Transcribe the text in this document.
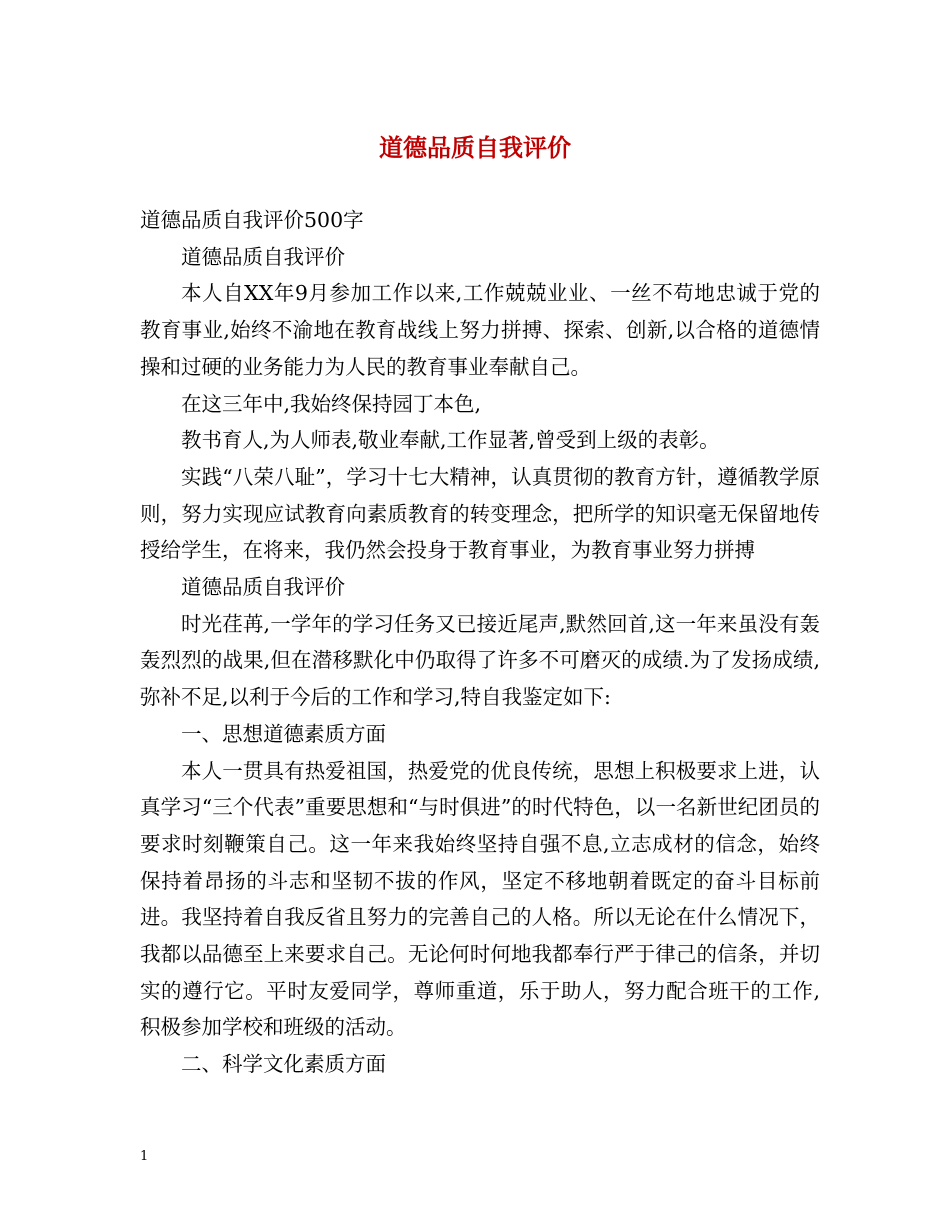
道德品质自我评价

道德品质自我评价500字

道德品质自我评价

本人自XX年9月参加工作以来,工作兢兢业业、一丝不苟地忠诚于党的教育事业,始终不渝地在教育战线上努力拼搏、探索、创新,以合格的道德情操和过硬的业务能力为人民的教育事业奉献自己。

在这三年中,我始终保持园丁本色,

教书育人,为人师表,敬业奉献,工作显著,曾受到上级的表彰。

实践“八荣八耻”，学习十七大精神，认真贯彻的教育方针，遵循教学原则，努力实现应试教育向素质教育的转变理念，把所学的知识毫无保留地传授给学生，在将来，我仍然会投身于教育事业，为教育事业努力拼搏

道德品质自我评价

时光荏苒,一学年的学习任务又已接近尾声,默然回首,这一年来虽没有轰轰烈烈的战果,但在潜移默化中仍取得了许多不可磨灭的成绩.为了发扬成绩,弥补不足,以利于今后的工作和学习,特自我鉴定如下:

一、思想道德素质方面

本人一贯具有热爱祖国，热爱党的优良传统，思想上积极要求上进，认真学习“三个代表”重要思想和“与时俱进”的时代特色，以一名新世纪团员的要求时刻鞭策自己。这一年来我始终坚持自强不息,立志成材的信念，始终保持着昂扬的斗志和坚韧不拔的作风，坚定不移地朝着既定的奋斗目标前进。我坚持着自我反省且努力的完善自己的人格。所以无论在什么情况下，我都以品德至上来要求自己。无论何时何地我都奉行严于律己的信条，并切实的遵行它。平时友爱同学，尊师重道，乐于助人，努力配合班干的工作,积极参加学校和班级的活动。

二、科学文化素质方面

1
